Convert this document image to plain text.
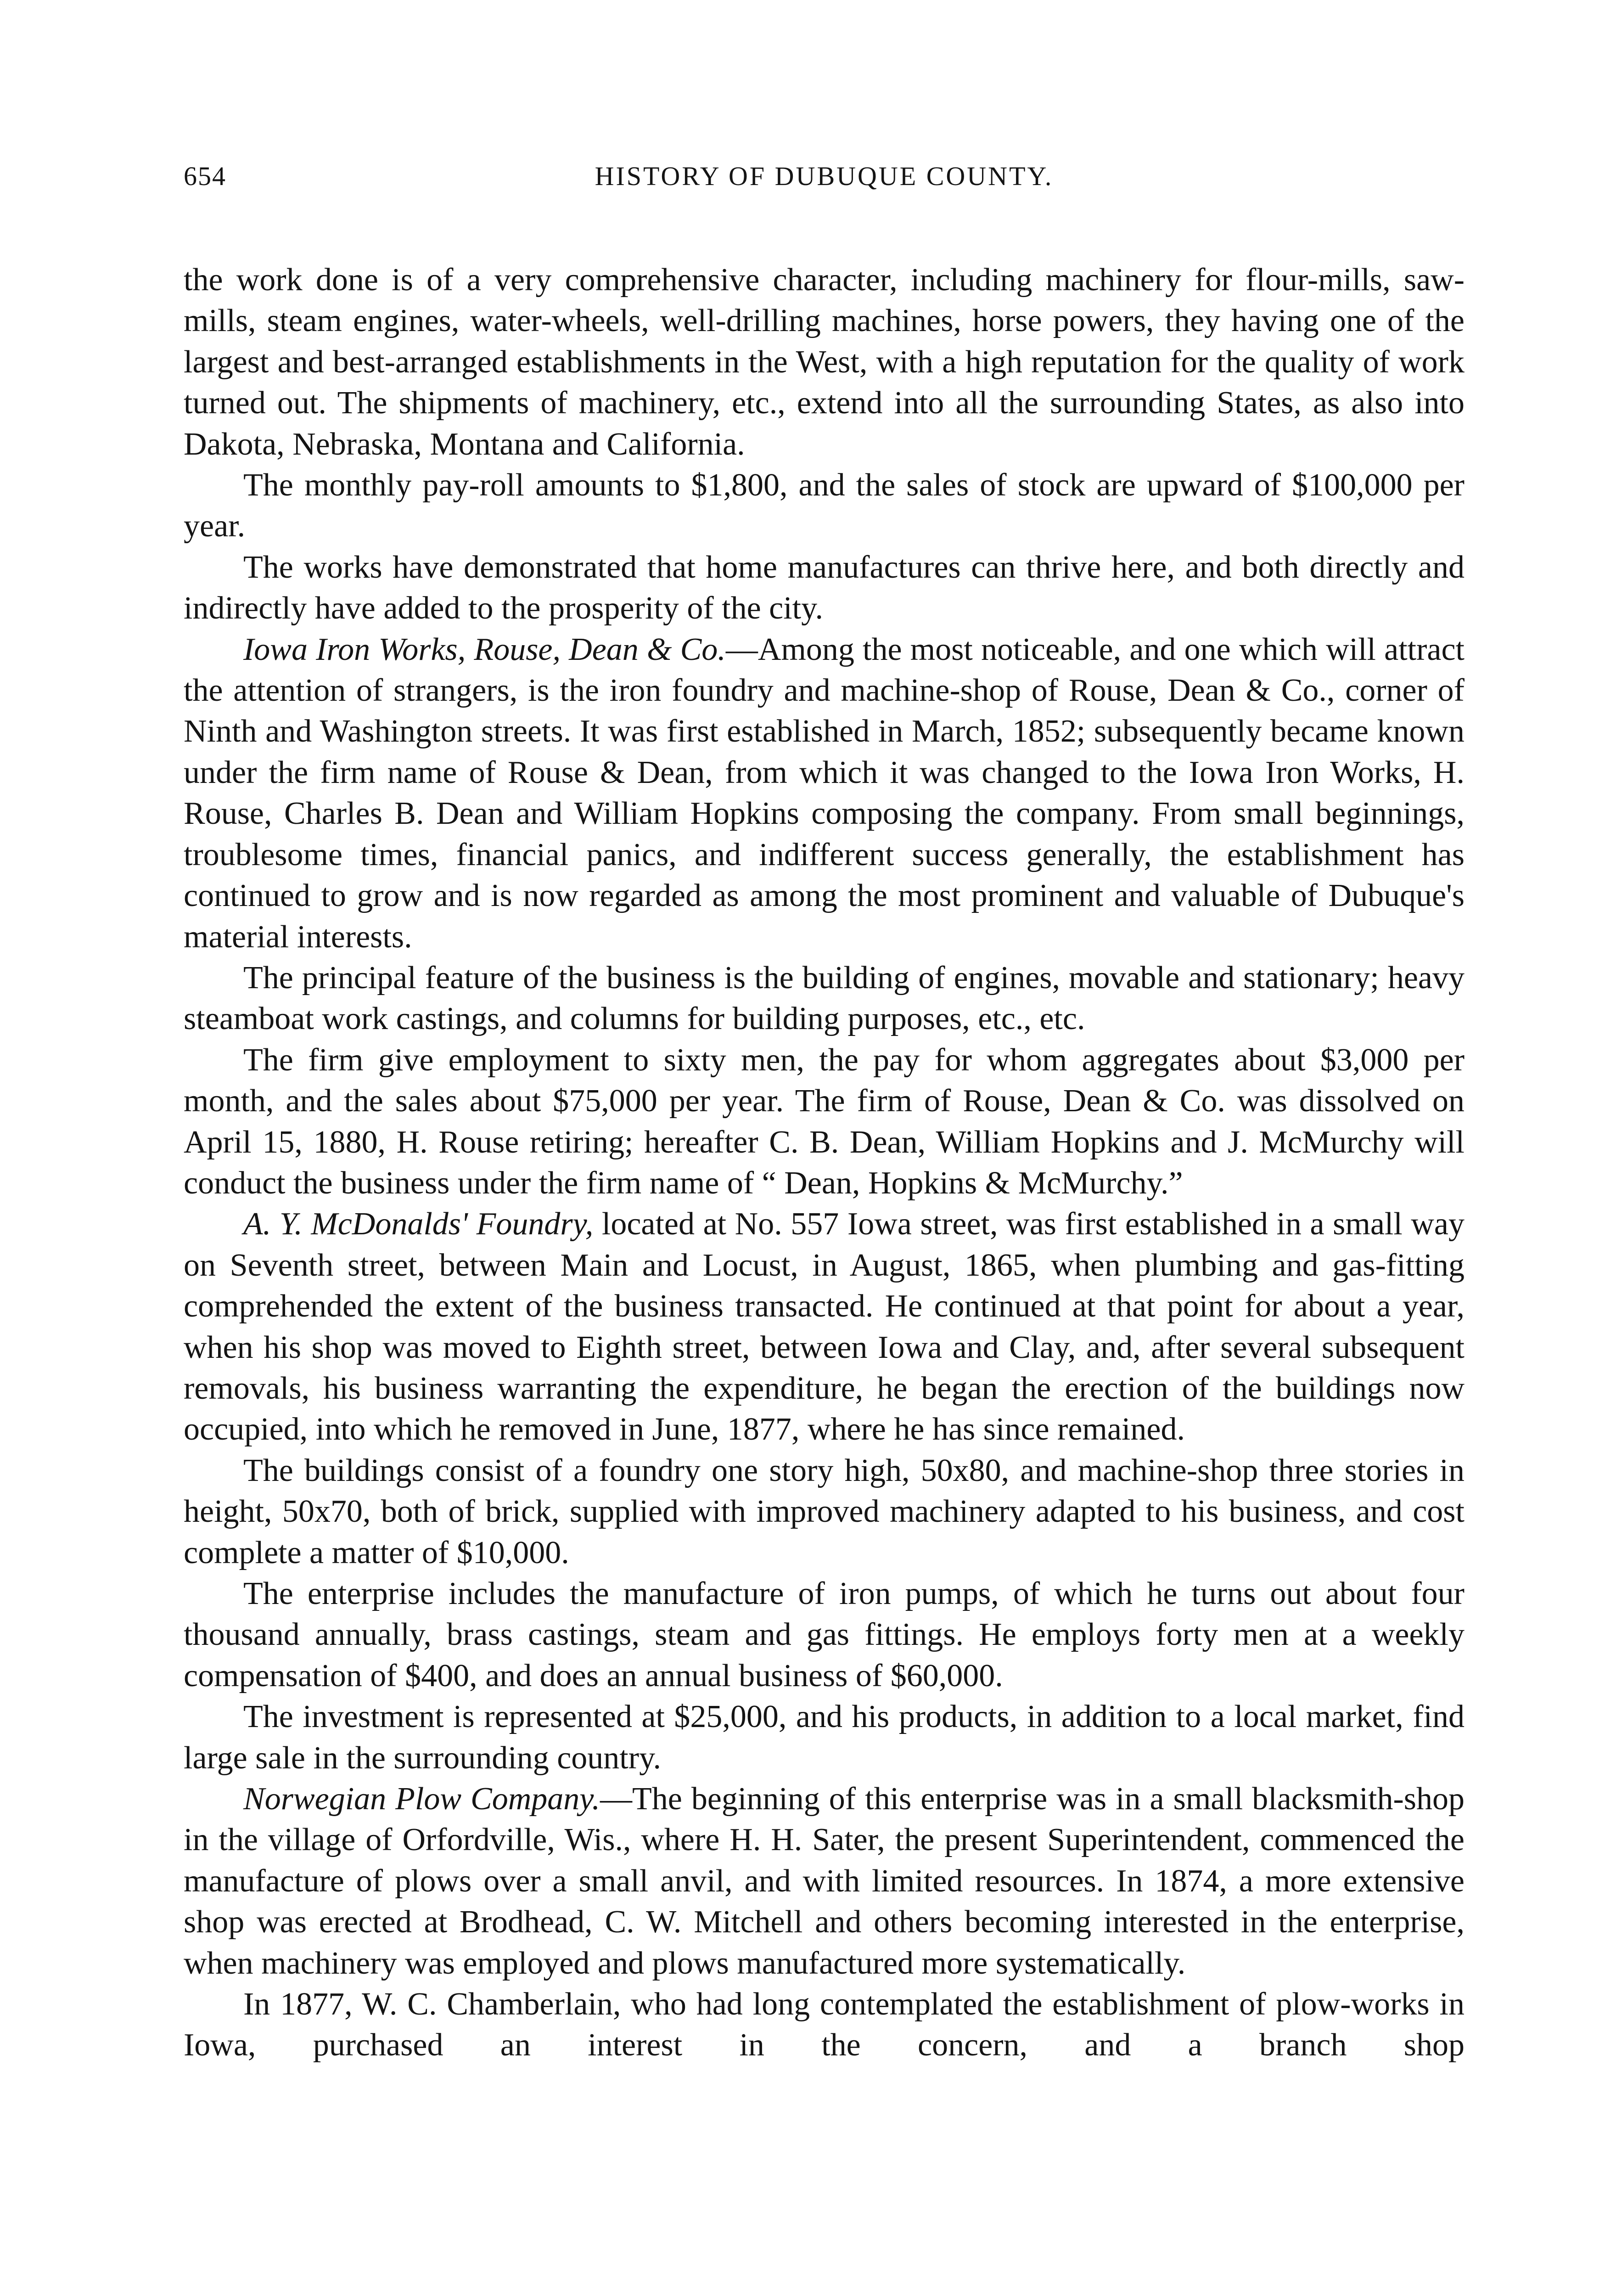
654	HISTORY OF DUBUQUE COUNTY.

the work done is of a very comprehensive character, including machinery for flour-mills, saw-mills, steam engines, water-wheels, well-drilling machines, horse powers, they having one of the largest and best-arranged establishments in the West, with a high reputation for the quality of work turned out. The shipments of machinery, etc., extend into all the surrounding States, as also into Dakota, Nebraska, Montana and California.

The monthly pay-roll amounts to $1,800, and the sales of stock are upward of $100,000 per year.

The works have demonstrated that home manufactures can thrive here, and both directly and indirectly have added to the prosperity of the city.

Iowa Iron Works, Rouse, Dean & Co.—Among the most noticeable, and one which will attract the attention of strangers, is the iron foundry and machine-shop of Rouse, Dean & Co., corner of Ninth and Washington streets. It was first established in March, 1852; subsequently became known under the firm name of Rouse & Dean, from which it was changed to the Iowa Iron Works, H. Rouse, Charles B. Dean and William Hopkins composing the company. From small beginnings, troublesome times, financial panics, and indifferent success generally, the establishment has continued to grow and is now regarded as among the most prominent and valuable of Dubuque's material interests.

The principal feature of the business is the building of engines, movable and stationary; heavy steamboat work castings, and columns for building purposes, etc., etc.

The firm give employment to sixty men, the pay for whom aggregates about $3,000 per month, and the sales about $75,000 per year. The firm of Rouse, Dean & Co. was dissolved on April 15, 1880, H. Rouse retiring; hereafter C. B. Dean, William Hopkins and J. McMurchy will conduct the business under the firm name of “ Dean, Hopkins & McMurchy.”

A. Y. McDonalds' Foundry, located at No. 557 Iowa street, was first established in a small way on Seventh street, between Main and Locust, in August, 1865, when plumbing and gas-fitting comprehended the extent of the business transacted. He continued at that point for about a year, when his shop was moved to Eighth street, between Iowa and Clay, and, after several subsequent removals, his business warranting the expenditure, he began the erection of the buildings now occupied, into which he removed in June, 1877, where he has since remained.

The buildings consist of a foundry one story high, 50x80, and machine-shop three stories in height, 50x70, both of brick, supplied with improved machinery adapted to his business, and cost complete a matter of $10,000.

The enterprise includes the manufacture of iron pumps, of which he turns out about four thousand annually, brass castings, steam and gas fittings. He employs forty men at a weekly compensation of $400, and does an annual business of $60,000.

The investment is represented at $25,000, and his products, in addition to a local market, find large sale in the surrounding country.

Norwegian Plow Company.—The beginning of this enterprise was in a small blacksmith-shop in the village of Orfordville, Wis., where H. H. Sater, the present Superintendent, commenced the manufacture of plows over a small anvil, and with limited resources. In 1874, a more extensive shop was erected at Brodhead, C. W. Mitchell and others becoming interested in the enterprise, when machinery was employed and plows manufactured more systematically.

In 1877, W. C. Chamberlain, who had long contemplated the establishment of plow-works in Iowa, purchased an interest in the concern, and a branch shop
